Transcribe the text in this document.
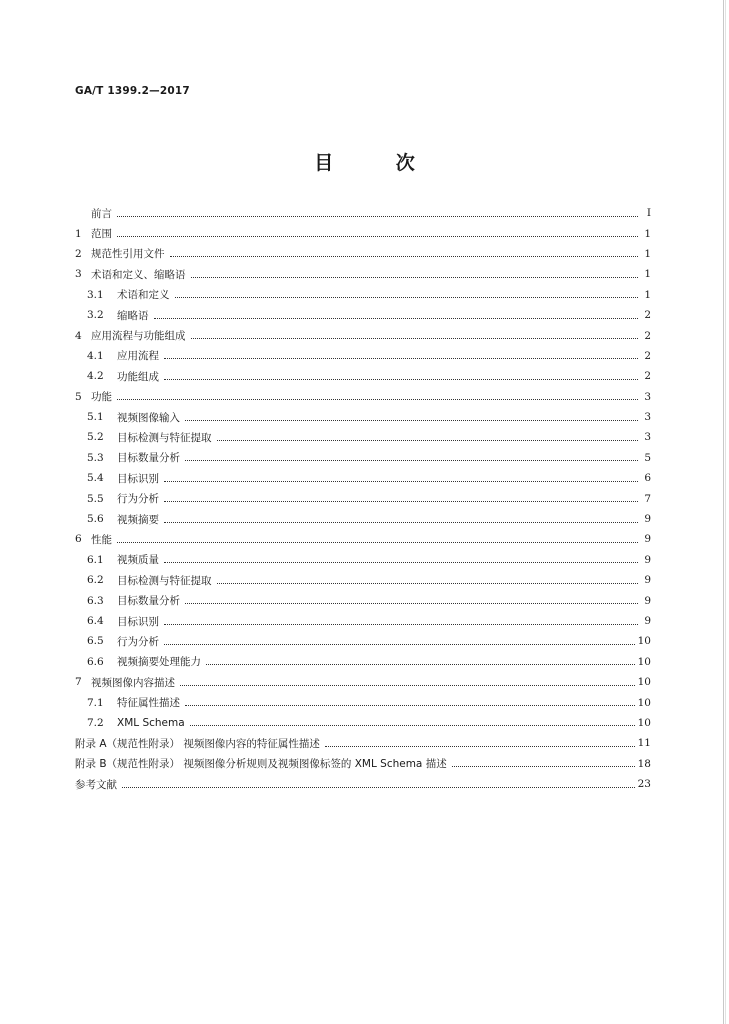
GA/T 1399.2—2017
目 次
前言	I
1 范围	1
2 规范性引用文件	1
3 术语和定义、缩略语	1
3.1	术语和定义	1
3.2	缩略语	2
4 应用流程与功能组成	2
4.1	应用流程	2
4.2	功能组成	2
5 功能	3
5.1	视频图像输入	3
5.2	目标检测与特征提取	3
5.3	目标数量分析	5
5.4	目标识别	6
5.5	行为分析	7
5.6	视频摘要	9
6 性能	9
6.1	视频质量	9
6.2	目标检测与特征提取	9
6.3	目标数量分析	9
6.4	目标识别	9
6.5	行为分析	10
6.6	视频摘要处理能力	10
7 视频图像内容描述	10
7.1	特征属性描述	10
7.2	XML Schema	10
附录 A（规范性附录） 视频图像内容的特征属性描述	11
附录 B（规范性附录） 视频图像分析规则及视频图像标签的 XML Schema 描述	18
参考文献	23
